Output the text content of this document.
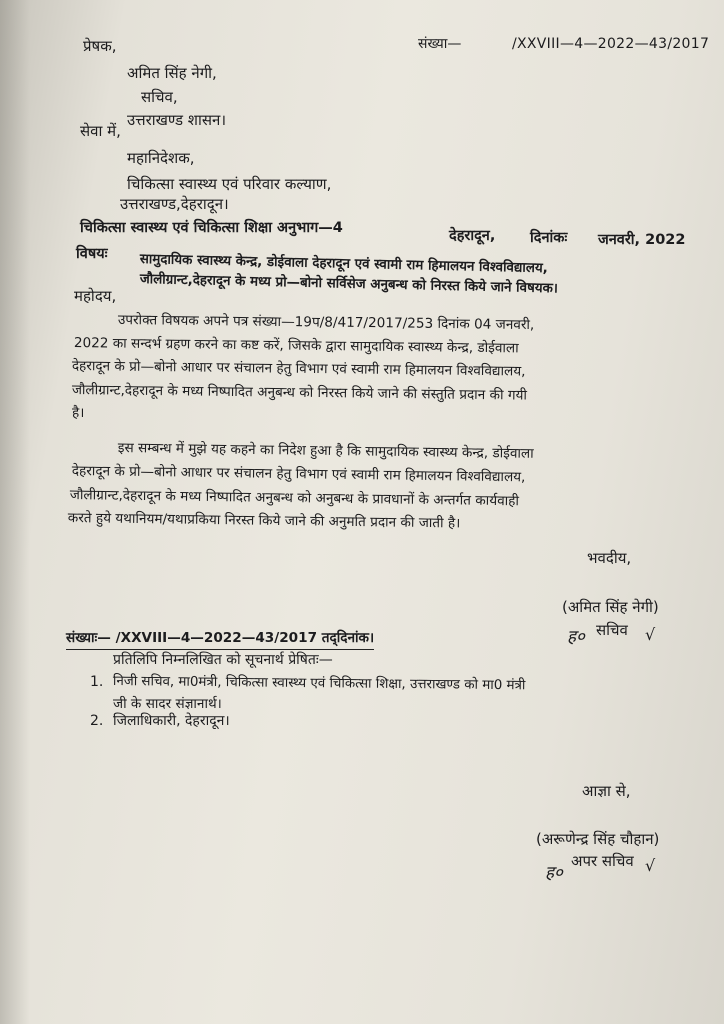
संख्या—	/XXVIII—4—2022—43/2017
प्रेषक,
अमित सिंह नेगी,
सचिव,
उत्तराखण्ड शासन।
सेवा में,
महानिदेशक,
चिकित्सा स्वास्थ्य एवं परिवार कल्याण,
उत्तराखण्ड,देहरादून।
चिकित्सा स्वास्थ्य एवं चिकित्सा शिक्षा अनुभाग—4	देहरादून, दिनांकः जनवरी, 2022
विषयः सामुदायिक स्वास्थ्य केन्द्र, डोईवाला देहरादून एवं स्वामी राम हिमालयन विश्वविद्यालय,
जौलीग्रान्ट,देहरादून के मध्य प्रो—बोनो सर्विसेज अनुबन्ध को निरस्त किये जाने विषयक।
महोदय,
उपरोक्त विषयक अपने पत्र संख्या—19प/8/417/2017/253 दिनांक 04 जनवरी,
2022 का सन्दर्भ ग्रहण करने का कष्ट करें, जिसके द्वारा सामुदायिक स्वास्थ्य केन्द्र, डोईवाला
देहरादून के प्रो—बोनो आधार पर संचालन हेतु विभाग एवं स्वामी राम हिमालयन विश्वविद्यालय,
जौलीग्रान्ट,देहरादून के मध्य निष्पादित अनुबन्ध को निरस्त किये जाने की संस्तुति प्रदान की गयी
है।
इस सम्बन्ध में मुझे यह कहने का निदेश हुआ है कि सामुदायिक स्वास्थ्य केन्द्र, डोईवाला
देहरादून के प्रो—बोनो आधार पर संचालन हेतु विभाग एवं स्वामी राम हिमालयन विश्वविद्यालय,
जौलीग्रान्ट,देहरादून के मध्य निष्पादित अनुबन्ध को अनुबन्ध के प्रावधानों के अन्तर्गत कार्यवाही
करते हुये यथानियम/यथाप्रकिया निरस्त किये जाने की अनुमति प्रदान की जाती है।
भवदीय,
(अमित सिंह नेगी)
सचिव
ह०	√
संख्याः— /XXVIII—4—2022—43/2017 तद्‌दिनांक।
प्रतिलिपि निम्नलिखित को सूचनार्थ प्रेषितः—
1. निजी सचिव, मा0मंत्री, चिकित्सा स्वास्थ्य एवं चिकित्सा शिक्षा, उत्तराखण्ड को मा0 मंत्री
जी के सादर संज्ञानार्थ।
2. जिलाधिकारी, देहरादून।
आज्ञा से,
(अरूणेन्द्र सिंह चौहान)
अपर सचिव
ह०	√
